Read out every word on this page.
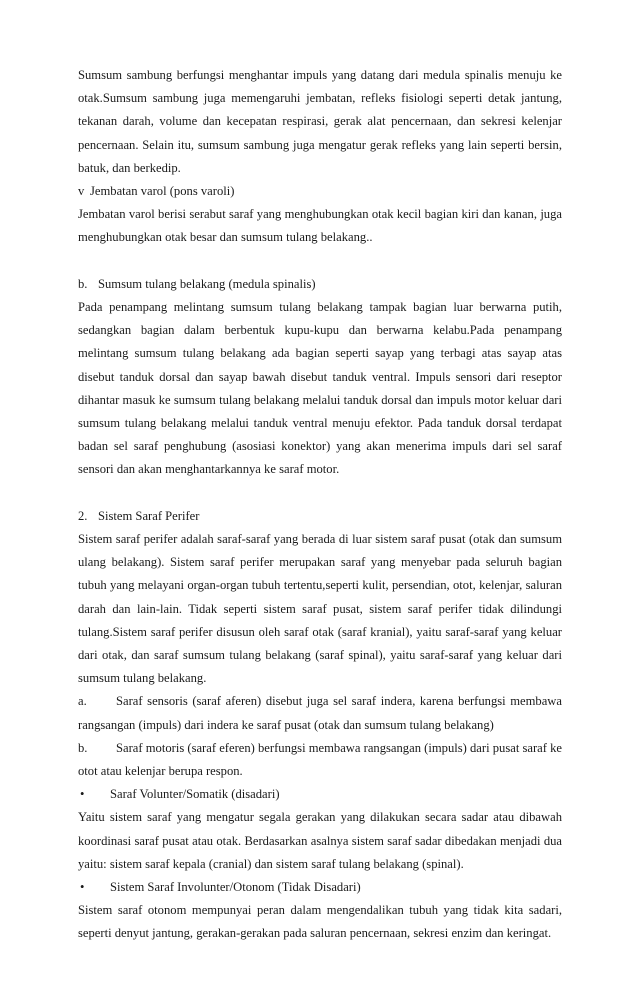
Sumsum sambung berfungsi menghantar impuls yang datang dari medula spinalis menuju ke otak.Sumsum sambung juga memengaruhi jembatan, refleks fisiologi seperti detak jantung, tekanan darah, volume dan kecepatan respirasi, gerak alat pencernaan, dan sekresi kelenjar pencernaan. Selain itu, sumsum sambung juga mengatur gerak refleks yang lain seperti bersin, batuk, dan berkedip.

v Jembatan varol (pons varoli)

Jembatan varol berisi serabut saraf yang menghubungkan otak kecil bagian kiri dan kanan, juga menghubungkan otak besar dan sumsum tulang belakang..

b. Sumsum tulang belakang (medula spinalis)

Pada penampang melintang sumsum tulang belakang tampak bagian luar berwarna putih, sedangkan bagian dalam berbentuk kupu-kupu dan berwarna kelabu.Pada penampang melintang sumsum tulang belakang ada bagian seperti sayap yang terbagi atas sayap atas disebut tanduk dorsal dan sayap bawah disebut tanduk ventral. Impuls sensori dari reseptor dihantar masuk ke sumsum tulang belakang melalui tanduk dorsal dan impuls motor keluar dari sumsum tulang belakang melalui tanduk ventral menuju efektor. Pada tanduk dorsal terdapat badan sel saraf penghubung (asosiasi konektor) yang akan menerima impuls dari sel saraf sensori dan akan menghantarkannya ke saraf motor.

2. Sistem Saraf Perifer

Sistem saraf perifer adalah saraf-saraf yang berada di luar sistem saraf pusat (otak dan sumsum ulang belakang). Sistem saraf perifer merupakan saraf yang menyebar pada seluruh bagian tubuh yang melayani organ-organ tubuh tertentu,seperti kulit, persendian, otot, kelenjar, saluran darah dan lain-lain. Tidak seperti sistem saraf pusat, sistem saraf perifer tidak dilindungi tulang.Sistem saraf perifer disusun oleh saraf otak (saraf kranial), yaitu saraf-saraf yang keluar dari otak, dan saraf sumsum tulang belakang (saraf spinal), yaitu saraf-saraf yang keluar dari sumsum tulang belakang.

a. Saraf sensoris (saraf aferen) disebut juga sel saraf indera, karena berfungsi membawa rangsangan (impuls) dari indera ke saraf pusat (otak dan sumsum tulang belakang)

b. Saraf motoris (saraf eferen) berfungsi membawa rangsangan (impuls) dari pusat saraf ke otot atau kelenjar berupa respon.

•	Saraf Volunter/Somatik (disadari)

Yaitu sistem saraf yang mengatur segala gerakan yang dilakukan secara sadar atau dibawah koordinasi saraf pusat atau otak. Berdasarkan asalnya sistem saraf sadar dibedakan menjadi dua yaitu: sistem saraf kepala (cranial) dan sistem saraf tulang belakang (spinal).

•	Sistem Saraf Involunter/Otonom (Tidak Disadari)

Sistem saraf otonom mempunyai peran dalam mengendalikan tubuh yang tidak kita sadari, seperti denyut jantung, gerakan-gerakan pada saluran pencernaan, sekresi enzim dan keringat.
